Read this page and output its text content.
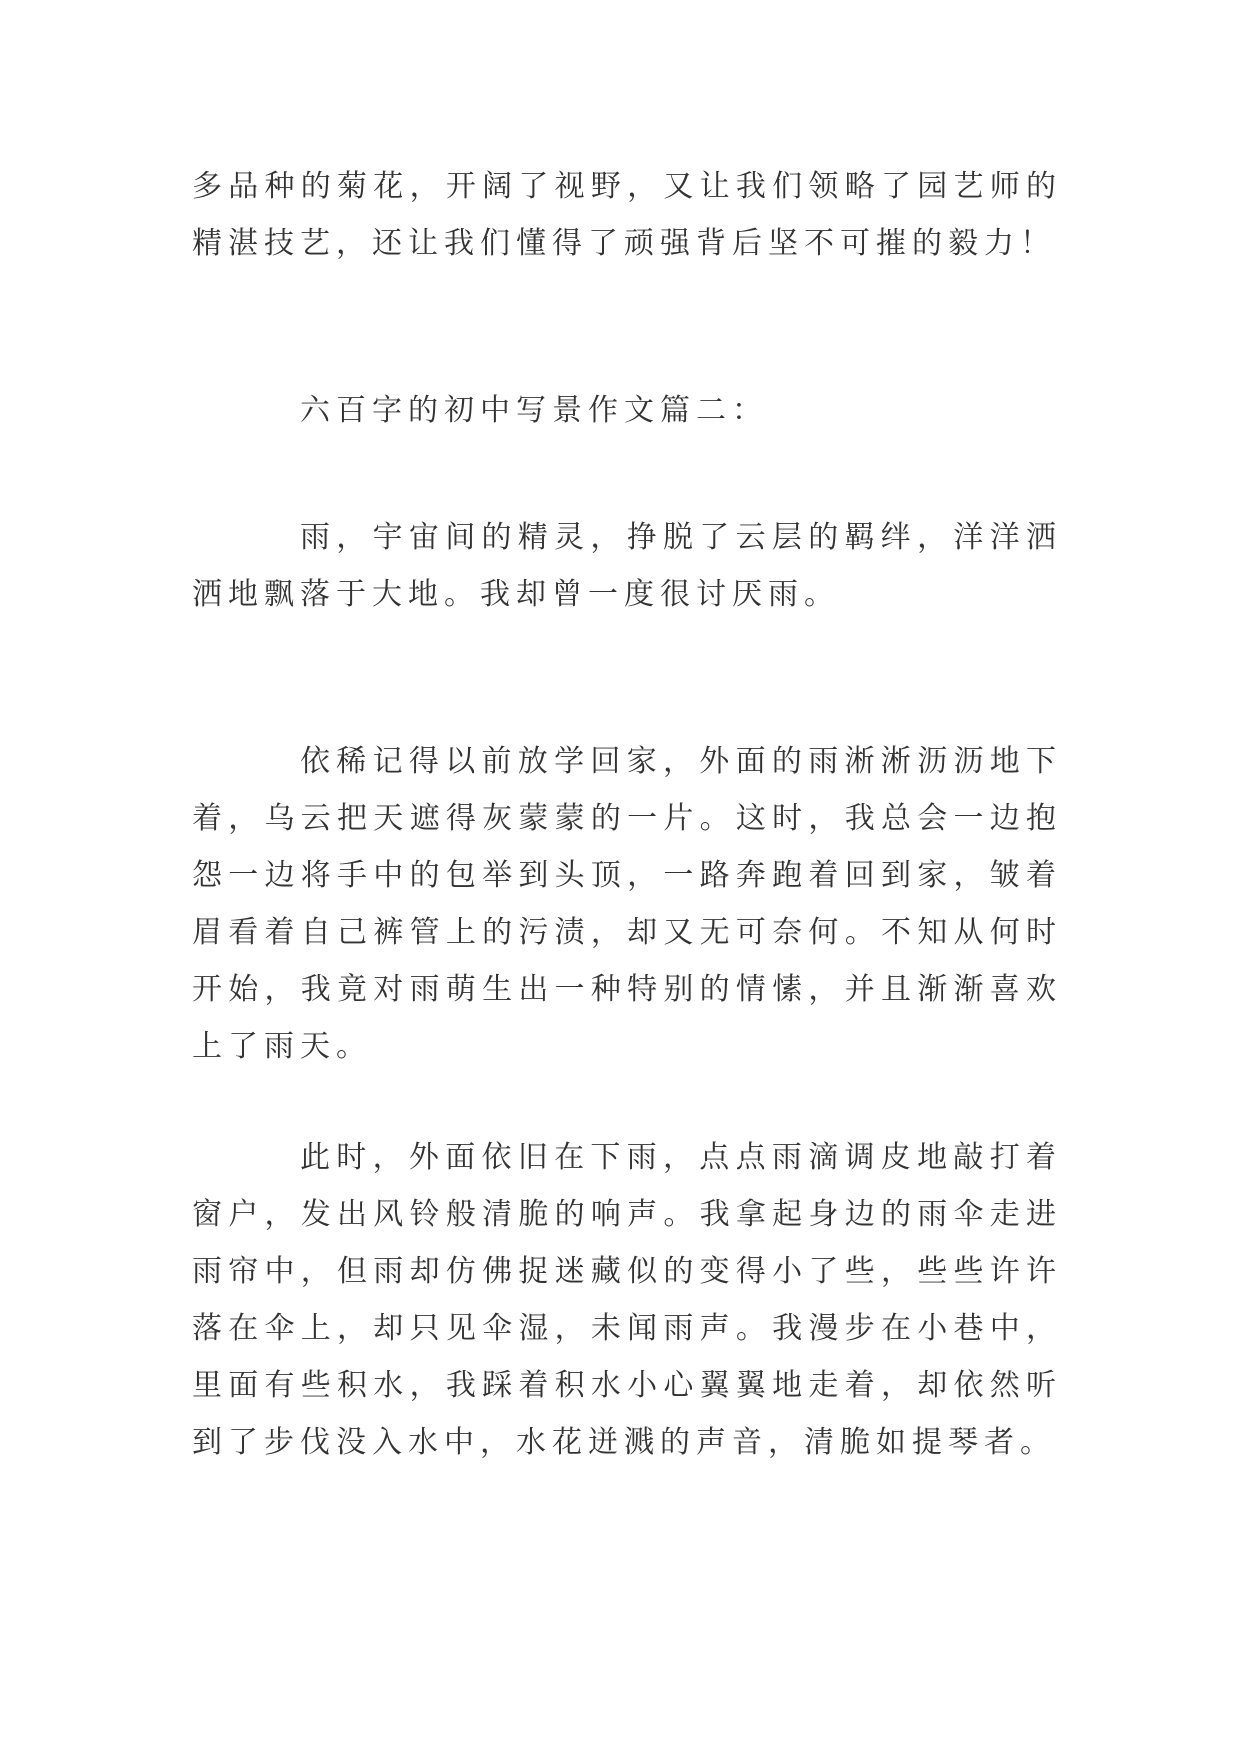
多品种的菊花，开阔了视野，又让我们领略了园艺师的精湛技艺，还让我们懂得了顽强背后坚不可摧的毅力！

六百字的初中写景作文篇二：

雨，宇宙间的精灵，挣脱了云层的羁绊，洋洋洒洒地飘落于大地。我却曾一度很讨厌雨。

依稀记得以前放学回家，外面的雨淅淅沥沥地下着，乌云把天遮得灰蒙蒙的一片。这时，我总会一边抱怨一边将手中的包举到头顶，一路奔跑着回到家，皱着眉看着自己裤管上的污渍，却又无可奈何。不知从何时开始，我竟对雨萌生出一种特别的情愫，并且渐渐喜欢上了雨天。

此时，外面依旧在下雨，点点雨滴调皮地敲打着窗户，发出风铃般清脆的响声。我拿起身边的雨伞走进雨帘中，但雨却仿佛捉迷藏似的变得小了些，些些许许落在伞上，却只见伞湿，未闻雨声。我漫步在小巷中，里面有些积水，我踩着积水小心翼翼地走着，却依然听到了步伐没入水中，水花迸溅的声音，清脆如提琴者。
